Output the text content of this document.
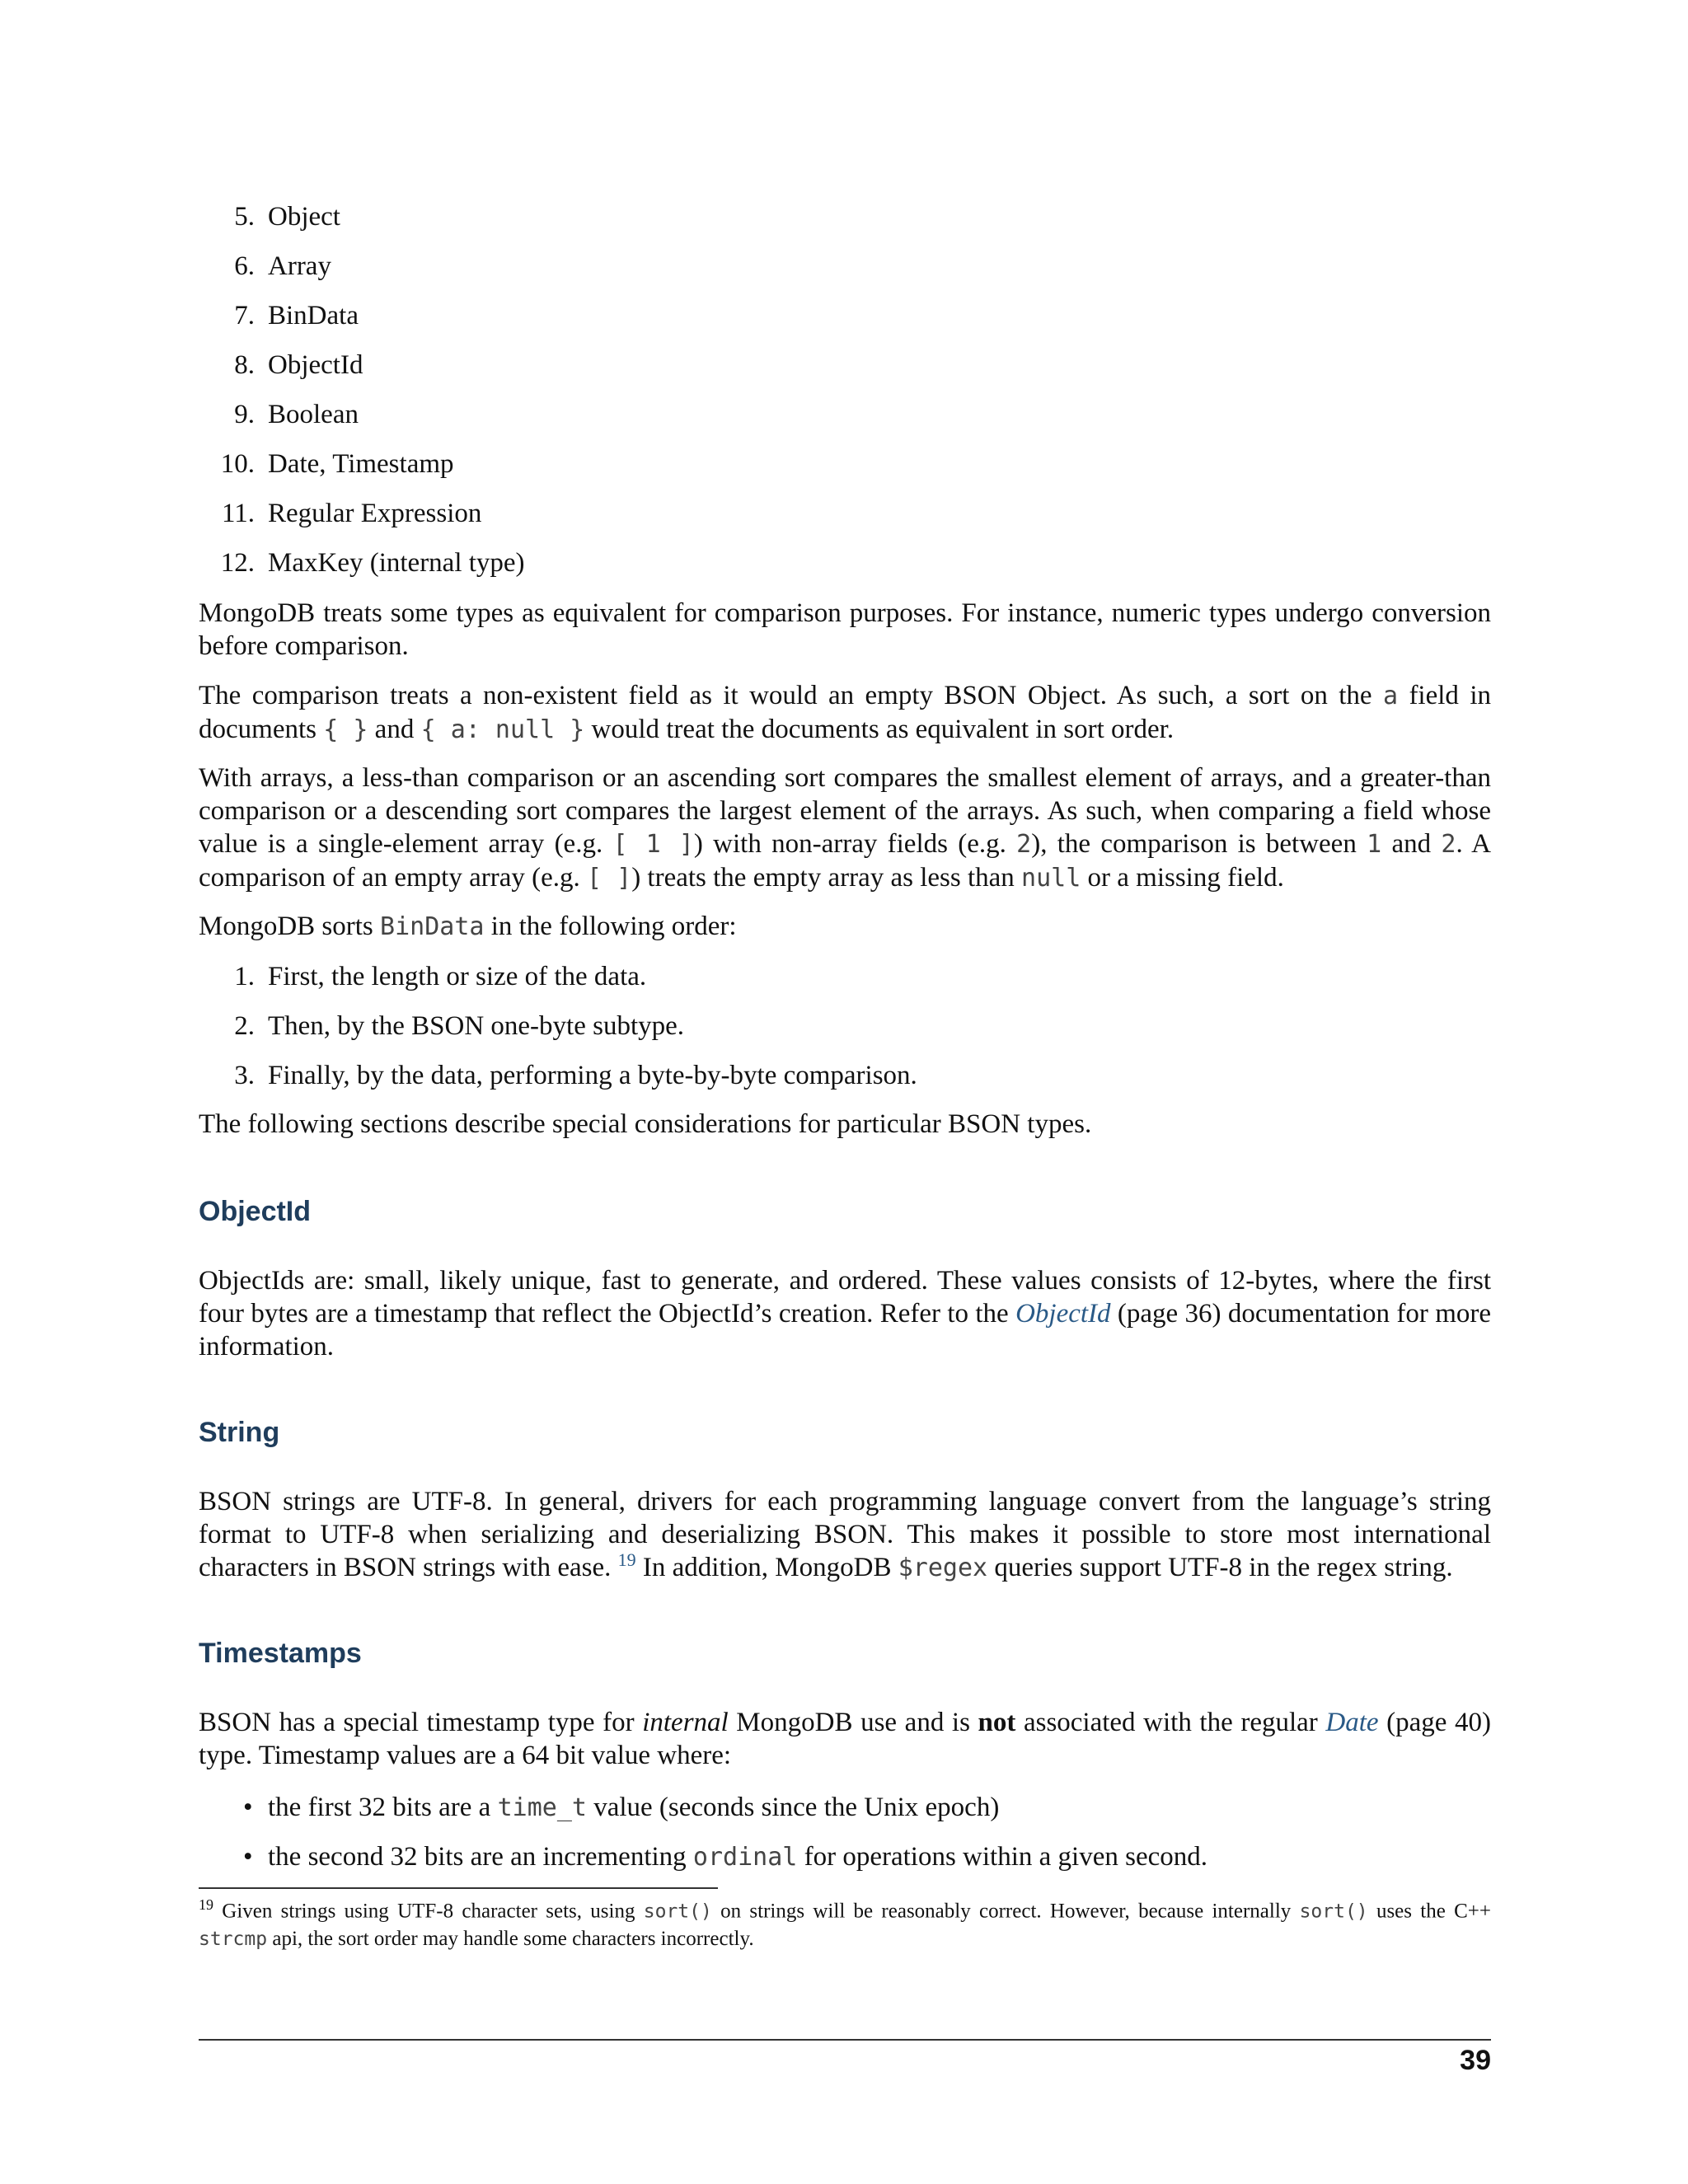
5. Object
6. Array
7. BinData
8. ObjectId
9. Boolean
10. Date, Timestamp
11. Regular Expression
12. MaxKey (internal type)

MongoDB treats some types as equivalent for comparison purposes. For instance, numeric types undergo conversion before comparison.

The comparison treats a non-existent field as it would an empty BSON Object. As such, a sort on the a field in documents { } and { a: null } would treat the documents as equivalent in sort order.

With arrays, a less-than comparison or an ascending sort compares the smallest element of arrays, and a greater-than comparison or a descending sort compares the largest element of the arrays. As such, when comparing a field whose value is a single-element array (e.g. [ 1 ]) with non-array fields (e.g. 2), the comparison is between 1 and 2. A comparison of an empty array (e.g. [ ]) treats the empty array as less than null or a missing field.

MongoDB sorts BinData in the following order:

1. First, the length or size of the data.
2. Then, by the BSON one-byte subtype.
3. Finally, by the data, performing a byte-by-byte comparison.

The following sections describe special considerations for particular BSON types.

ObjectId

ObjectIds are: small, likely unique, fast to generate, and ordered. These values consists of 12-bytes, where the first four bytes are a timestamp that reflect the ObjectId’s creation. Refer to the ObjectId (page 36) documentation for more information.

String

BSON strings are UTF-8. In general, drivers for each programming language convert from the language’s string format to UTF-8 when serializing and deserializing BSON. This makes it possible to store most international characters in BSON strings with ease. $^{19}$ In addition, MongoDB $regex queries support UTF-8 in the regex string.

Timestamps

BSON has a special timestamp type for internal MongoDB use and is not associated with the regular Date (page 40) type. Timestamp values are a 64 bit value where:

• the first 32 bits are a time_t value (seconds since the Unix epoch)
• the second 32 bits are an incrementing ordinal for operations within a given second.
$^{19}$ Given strings using UTF-8 character sets, using sort() on strings will be reasonably correct. However, because internally sort() uses the C++ strcmp api, the sort order may handle some characters incorrectly.
39
